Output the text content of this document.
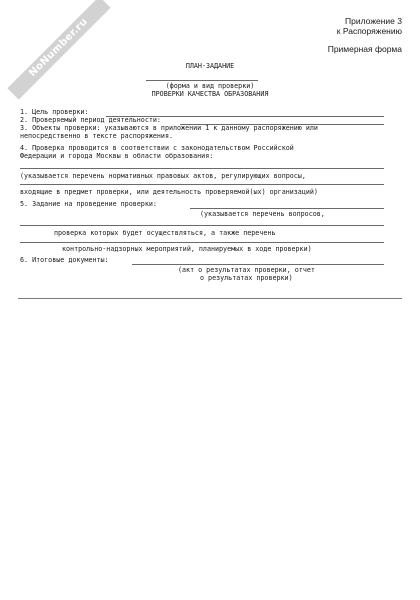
NoNumber.ru	Приложение 3
к Распоряжению
Примерная форма
ПЛАН-ЗАДАНИЕ
(форма и вид проверки)
ПРОВЕРКИ КАЧЕСТВА ОБРАЗОВАНИЯ
1. Цель проверки:
2. Проверяемый период деятельности:
3. Объекты проверки: указываются в приложении 1 к данному распоряжению или
непосредственно в тексте распоряжения.
4. Проверка проводится в соответствии с законодательством Российской
Федерации и города Москвы в области образования:
(указывается перечень нормативных правовых актов, регулирующих вопросы,
входящие в предмет проверки, или деятельность проверяемой(ых) организаций)
5. Задание на проведение проверки:
(указывается перечень вопросов,
проверка которых будет осуществляться, а также перечень
контрольно-надзорных мероприятий, планируемых в ходе проверки)
6. Итоговые документы:
(акт о результатах проверки, отчет
о результатах проверки)
